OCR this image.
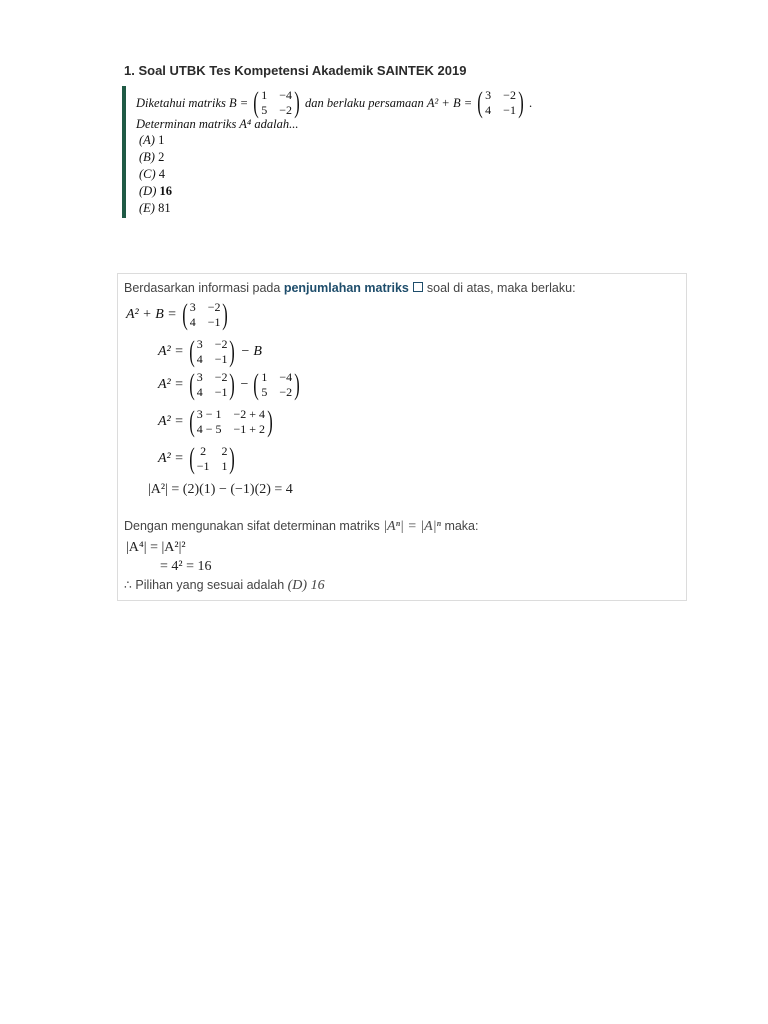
1. Soal UTBK Tes Kompetensi Akademik SAINTEK 2019
Diketahui matriks
B = ( 1 −4
5 −2 ) dan berlaku persamaan
A² + B = ( 3 −2
4 −1 ) .
Determinan matriks A⁴ adalah...
(A) 1
(B) 2
(C) 4
(D) 16
(E) 81
Berdasarkan informasi pada penjumlahan matriks soal di atas, maka berlaku:
A² + B = ( 3 −2
4 −1 )
A² = ( 3 −2
4 −1 ) − B
A² = ( 3 −2
4 −1 ) − ( 1 −4
5 −2 )
A² = ( 3 − 1 −2 + 4
4 − 5 −1 + 2 )
A² = ( 2 2
−1 1 )
|A²| = (2)(1) − (−1)(2) = 4
Dengan mengunakan sifat determinan matriks |Aⁿ| = |A|ⁿ maka:
|A⁴| = |A²|²
= 4² = 16
∴ Pilihan yang sesuai adalah (D) 16
